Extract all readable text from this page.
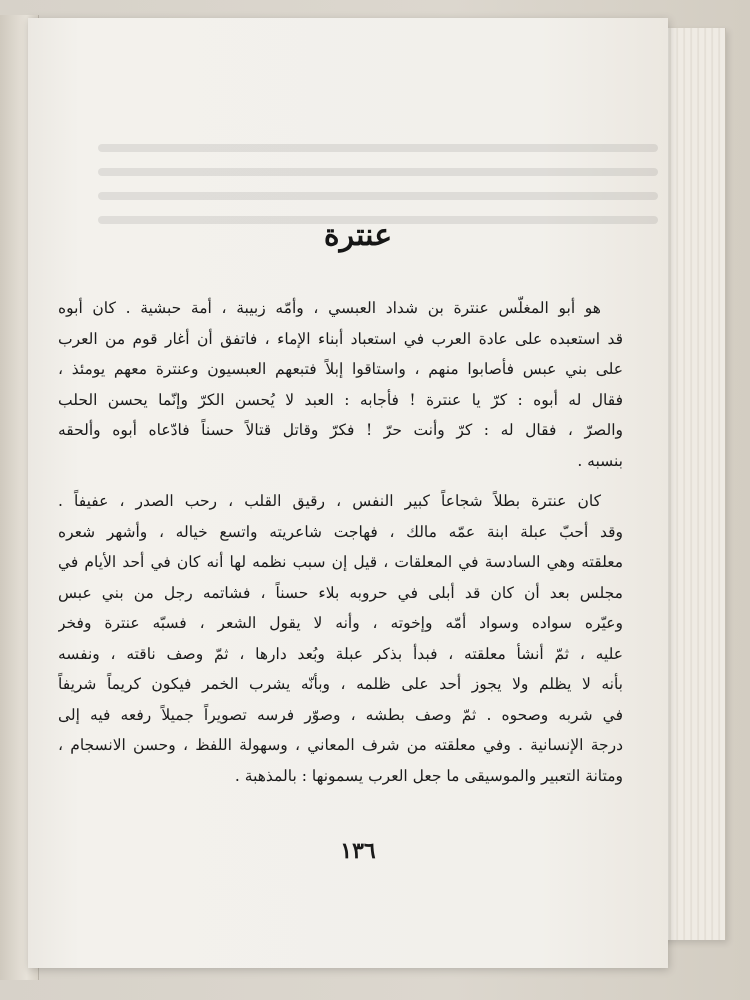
عنترة
هو أبو المغلّس عنترة بن شداد العبسي ، وأمّه زبيبة ، أمة حبشية . كان أبوه
قد استعبده على عادة العرب في استعباد أبناء الإماء ، فاتفق أن أغار قوم من العرب
على بني عبس فأصابوا منهم ، واستاقوا إبلاً فتبعهم العبسيون وعنترة معهم يومئذ ،
فقال له أبوه : كرّ يا عنترة ! فأجابه : العبد لا يُحسن الكرّ وإنّما يحسن الحلب
والصرّ ، فقال له : كرّ وأنت حرّ ! فكرّ وقاتل قتالاً حسناً فادّعاه أبوه وألحقه
بنسبه .
كان عنترة بطلاً شجاعاً كبير النفس ، رقيق القلب ، رحب الصدر ، عفيفاً .
وقد أحبّ عبلة ابنة عمّه مالك ، فهاجت شاعريته واتسع خياله ، وأشهر شعره
معلقته وهي السادسة في المعلقات ، قيل إن سبب نظمه لها أنه كان في أحد الأيام في
مجلس بعد أن كان قد أبلى في حروبه بلاء حسناً ، فشاتمه رجل من بني عبس
وعيّره سواده وسواد أمّه وإخوته ، وأنه لا يقول الشعر ، فسبّه عنترة وفخر
عليه ، ثمّ أنشأ معلقته ، فبدأ بذكر عبلة وبُعد دارها ، ثمّ وصف ناقته ، ونفسه
بأنه لا يظلم ولا يجوز أحد على ظلمه ، وبأنّه يشرب الخمر فيكون كريماً شريفاً
في شربه وصحوه . ثمّ وصف بطشه ، وصوّر فرسه تصويراً جميلاً رفعه فيه إلى
درجة الإنسانية . وفي معلقته من شرف المعاني ، وسهولة اللفظ ، وحسن الانسجام ،
ومتانة التعبير والموسيقى ما جعل العرب يسمونها : بالمذهبة .
١٣٦
